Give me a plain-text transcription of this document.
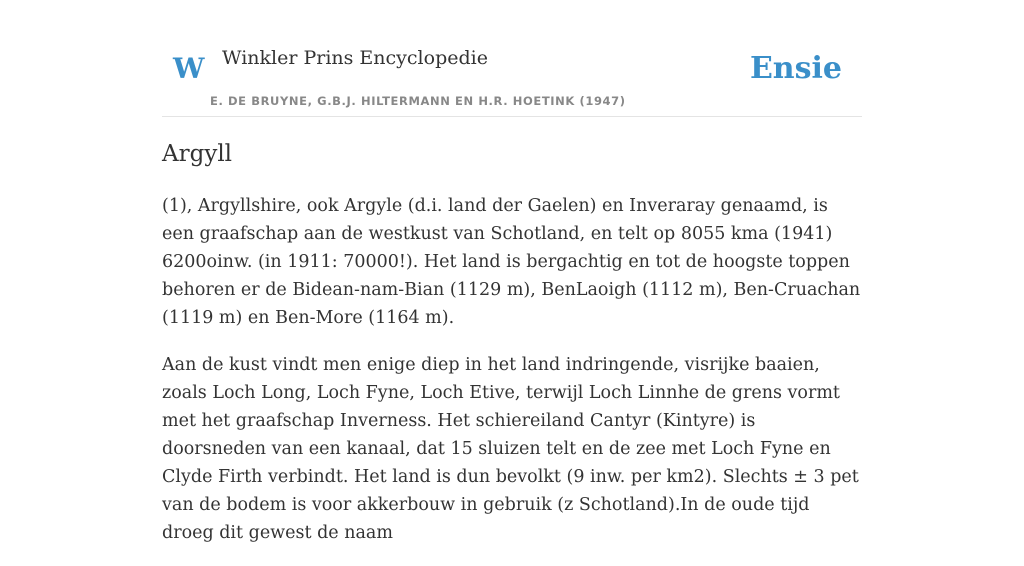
W Winkler Prins Encyclopedie
E. DE BRUYNE, G.B.J. HILTERMANN EN H.R. HOETINK (1947)
Ensie
Argyll

(1), Argyllshire, ook Argyle (d.i. land der Gaelen) en Inveraray genaamd, is een graafschap aan de westkust van Schotland, en telt op 8055 kma (1941) 6200oinw. (in 1911: 70000!). Het land is bergachtig en tot de hoogste toppen behoren er de Bidean-nam-Bian (1129 m), BenLaoigh (1112 m), Ben-Cruachan (1119 m) en Ben-More (1164 m).

Aan de kust vindt men enige diep in het land indringende, visrijke baaien, zoals Loch Long, Loch Fyne, Loch Etive, terwijl Loch Linnhe de grens vormt met het graafschap Inverness. Het schiereiland Cantyr (Kintyre) is doorsneden van een kanaal, dat 15 sluizen telt en de zee met Loch Fyne en Clyde Firth verbindt. Het land is dun bevolkt (9 inw. per km2). Slechts ± 3 pet van de bodem is voor akkerbouw in gebruik (z Schotland).In de oude tijd droeg dit gewest de naam
